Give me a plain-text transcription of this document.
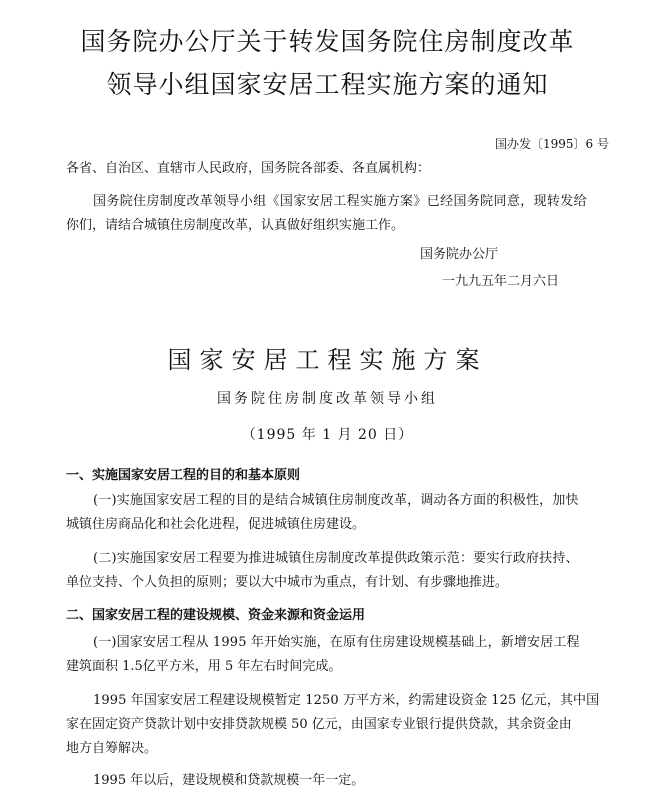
国务院办公厅关于转发国务院住房制度改革
领导小组国家安居工程实施方案的通知
国办发〔1995〕6 号
各省、自治区、直辖市人民政府，国务院各部委、各直属机构：
国务院住房制度改革领导小组《国家安居工程实施方案》已经国务院同意，现转发给
你们，请结合城镇住房制度改革，认真做好组织实施工作。
国务院办公厅
一九九五年二月六日
国家安居工程实施方案
国务院住房制度改革领导小组
（1995 年 1 月 20 日）
一、实施国家安居工程的目的和基本原则
(一)实施国家安居工程的目的是结合城镇住房制度改革，调动各方面的积极性，加快
城镇住房商品化和社会化进程，促进城镇住房建设。
(二)实施国家安居工程要为推进城镇住房制度改革提供政策示范：要实行政府扶持、
单位支持、个人负担的原则；要以大中城市为重点，有计划、有步骤地推进。
二、国家安居工程的建设规模、资金来源和资金运用
(一)国家安居工程从 1995 年开始实施，在原有住房建设规模基础上，新增安居工程
建筑面积 1.5亿平方米，用 5 年左右时间完成。
1995 年国家安居工程建设规模暂定 1250 万平方米，约需建设资金 125 亿元，其中国
家在固定资产贷款计划中安排贷款规模 50 亿元，由国家专业银行提供贷款，其余资金由
地方自筹解决。
1995 年以后，建设规模和贷款规模一年一定。
